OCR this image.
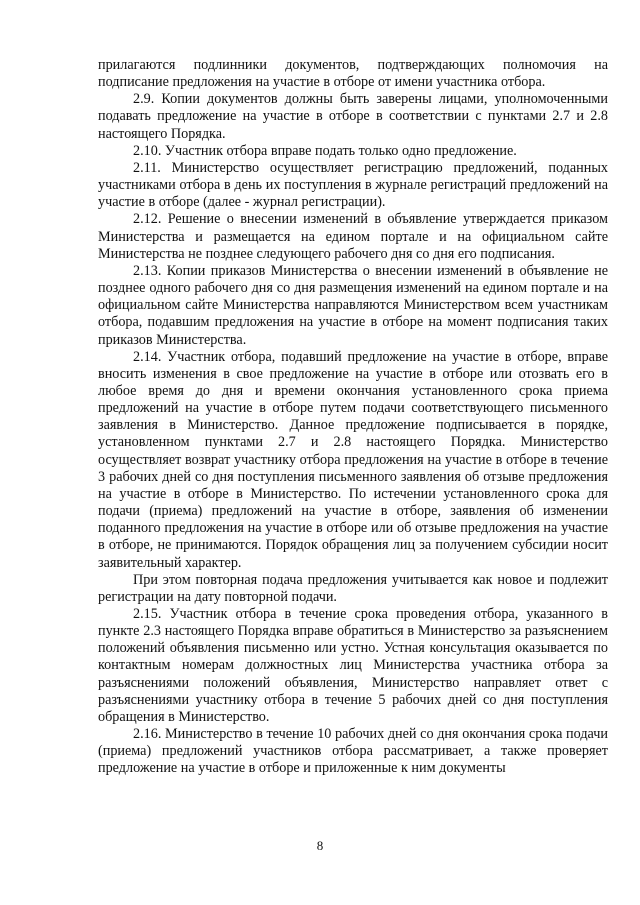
прилагаются подлинники документов, подтверждающих полномочия на подписание предложения на участие в отборе от имени участника отбора.

2.9. Копии документов должны быть заверены лицами, уполномоченными подавать предложение на участие в отборе в соответствии с пунктами 2.7 и 2.8 настоящего Порядка.

2.10. Участник отбора вправе подать только одно предложение.

2.11. Министерство осуществляет регистрацию предложений, поданных участниками отбора в день их поступления в журнале регистраций предложений на участие в отборе (далее - журнал регистрации).

2.12. Решение о внесении изменений в объявление утверждается приказом Министерства и размещается на едином портале и на официальном сайте Министерства не позднее следующего рабочего дня со дня его подписания.

2.13. Копии приказов Министерства о внесении изменений в объявление не позднее одного рабочего дня со дня размещения изменений на едином портале и на официальном сайте Министерства направляются Министерством всем участникам отбора, подавшим предложения на участие в отборе на момент подписания таких приказов Министерства.

2.14. Участник отбора, подавший предложение на участие в отборе, вправе вносить изменения в свое предложение на участие в отборе или отозвать его в любое время до дня и времени окончания установленного срока приема предложений на участие в отборе путем подачи соответствующего письменного заявления в Министерство. Данное предложение подписывается в порядке, установленном пунктами 2.7 и 2.8 настоящего Порядка. Министерство осуществляет возврат участнику отбора предложения на участие в отборе в течение 3 рабочих дней со дня поступления письменного заявления об отзыве предложения на участие в отборе в Министерство. По истечении установленного срока для подачи (приема) предложений на участие в отборе, заявления об изменении поданного предложения на участие в отборе или об отзыве предложения на участие в отборе, не принимаются. Порядок обращения лиц за получением субсидии носит заявительный характер.

При этом повторная подача предложения учитывается как новое и подлежит регистрации на дату повторной подачи.

2.15. Участник отбора в течение срока проведения отбора, указанного в пункте 2.3 настоящего Порядка вправе обратиться в Министерство за разъяснением положений объявления письменно или устно. Устная консультация оказывается по контактным номерам должностных лиц Министерства участника отбора за разъяснениями положений объявления, Министерство направляет ответ с разъяснениями участнику отбора в течение 5 рабочих дней со дня поступления обращения в Министерство.

2.16. Министерство в течение 10 рабочих дней со дня окончания срока подачи (приема) предложений участников отбора рассматривает, а также проверяет предложение на участие в отборе и приложенные к ним документы

8
